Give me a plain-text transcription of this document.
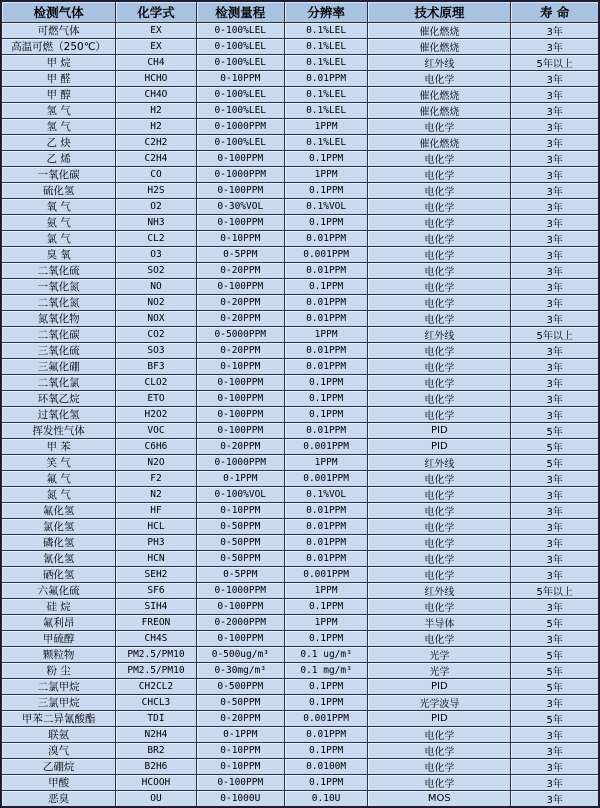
检测气体	化学式	检测量程	分辨率	技术原理	寿 命
可燃气体	EX	0-100%LEL	0.1%LEL	催化燃烧	3年
高温可燃（250℃）	EX	0-100%LEL	0.1%LEL	催化燃烧	3年
甲 烷	CH4	0-100%LEL	0.1%LEL	红外线	5年以上
甲 醛	HCHO	0-10PPM	0.01PPM	电化学	3年
甲 醇	CH4O	0-100%LEL	0.1%LEL	催化燃烧	3年
氢 气	H2	0-100%LEL	0.1%LEL	催化燃烧	3年
氢 气	H2	0-1000PPM	1PPM	电化学	3年
乙 炔	C2H2	0-100%LEL	0.1%LEL	催化燃烧	3年
乙 烯	C2H4	0-100PPM	0.1PPM	电化学	3年
一氧化碳	CO	0-1000PPM	1PPM	电化学	3年
硫化氢	H2S	0-100PPM	0.1PPM	电化学	3年
氧 气	O2	0-30%VOL	0.1%VOL	电化学	3年
氨 气	NH3	0-100PPM	0.1PPM	电化学	3年
氯 气	CL2	0-10PPM	0.01PPM	电化学	3年
臭 氧	O3	0-5PPM	0.001PPM	电化学	3年
二氧化硫	SO2	0-20PPM	0.01PPM	电化学	3年
一氧化氮	NO	0-100PPM	0.1PPM	电化学	3年
二氧化氮	NO2	0-20PPM	0.01PPM	电化学	3年
氮氧化物	NOX	0-20PPM	0.01PPM	电化学	3年
二氧化碳	CO2	0-5000PPM	1PPM	红外线	5年以上
三氧化硫	SO3	0-20PPM	0.01PPM	电化学	3年
三氟化硼	BF3	0-10PPM	0.01PPM	电化学	3年
二氧化氯	CLO2	0-100PPM	0.1PPM	电化学	3年
环氧乙烷	ETO	0-100PPM	0.1PPM	电化学	3年
过氧化氢	H2O2	0-100PPM	0.1PPM	电化学	3年
挥发性气体	VOC	0-100PPM	0.01PPM	PID	5年
甲 苯	C6H6	0-20PPM	0.001PPM	PID	5年
笑 气	N2O	0-1000PPM	1PPM	红外线	5年
氟 气	F2	0-1PPM	0.001PPM	电化学	3年
氮 气	N2	0-100%VOL	0.1%VOL	电化学	3年
氟化氢	HF	0-10PPM	0.01PPM	电化学	3年
氯化氢	HCL	0-50PPM	0.01PPM	电化学	3年
磷化氢	PH3	0-50PPM	0.01PPM	电化学	3年
氰化氢	HCN	0-50PPM	0.01PPM	电化学	3年
硒化氢	SEH2	0-5PPM	0.001PPM	电化学	3年
六氟化硫	SF6	0-1000PPM	1PPM	红外线	5年以上
硅 烷	SIH4	0-100PPM	0.1PPM	电化学	3年
氟利昂	FREON	0-2000PPM	1PPM	半导体	5年
甲硫醇	CH4S	0-100PPM	0.1PPM	电化学	3年
颗粒物	PM2.5/PM10	0-500ug/m³	0.1 ug/m³	光学	5年
粉 尘	PM2.5/PM10	0-30mg/m³	0.1 mg/m³	光学	5年
二氯甲烷	CH2CL2	0-500PPM	0.1PPM	PID	5年
三氯甲烷	CHCL3	0-50PPM	0.1PPM	光学波导	3年
甲苯二异氰酸酯	TDI	0-20PPM	0.001PPM	PID	5年
联氨	N2H4	0-1PPM	0.01PPM	电化学	3年
溴气	BR2	0-10PPM	0.1PPM	电化学	3年
乙硼烷	B2H6	0-10PPM	0.0100M	电化学	3年
甲酸	HCOOH	0-100PPM	0.1PPM	电化学	3年
恶臭	OU	0-1000U	0.10U	MOS	3年
